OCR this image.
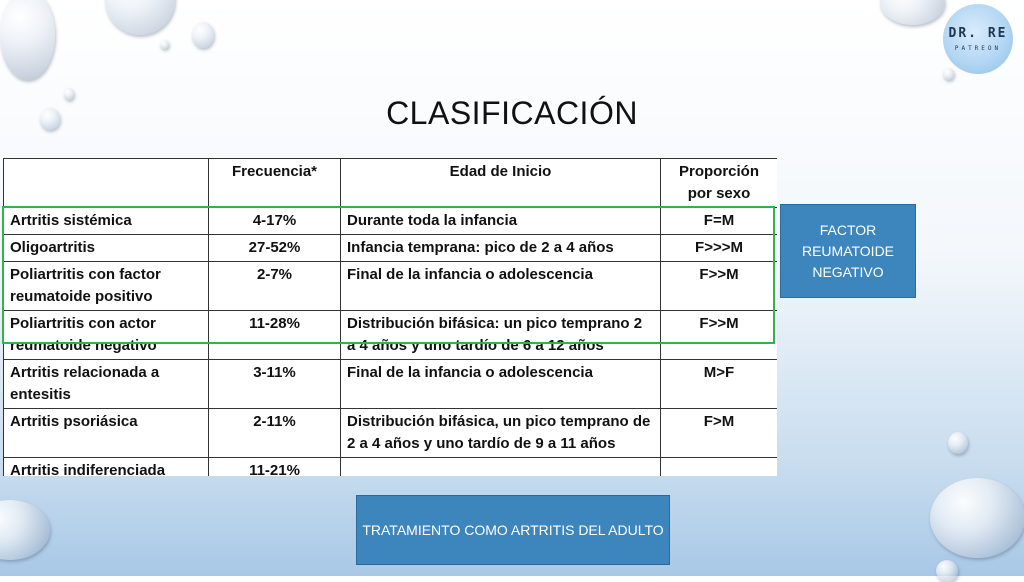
DR. RE
PATREON
CLASIFICACIÓN
	Frecuencia*	Edad de Inicio	Proporción por sexo
Artritis sistémica	4-17%	Durante toda la infancia	F=M
Oligoartritis	27-52%	Infancia temprana: pico de 2 a 4 años	F>>>M
Poliartritis con factor reumatoide positivo	2-7%	Final de la infancia o adolescencia	F>>M
Poliartritis con actor reumatoide negativo	11-28%	Distribución bifásica: un pico temprano 2 a 4 años y uno tardío de 6 a 12 años	F>>M
Artritis relacionada a entesitis	3-11%	Final de la infancia o adolescencia	M>F
Artritis psoriásica	2-11%	Distribución bifásica, un pico temprano de 2 a 4 años y uno tardío de 9 a 11 años	F>M
Artritis indiferenciada	11-21%		
FACTOR REUMATOIDE NEGATIVO
TRATAMIENTO COMO ARTRITIS DEL ADULTO
